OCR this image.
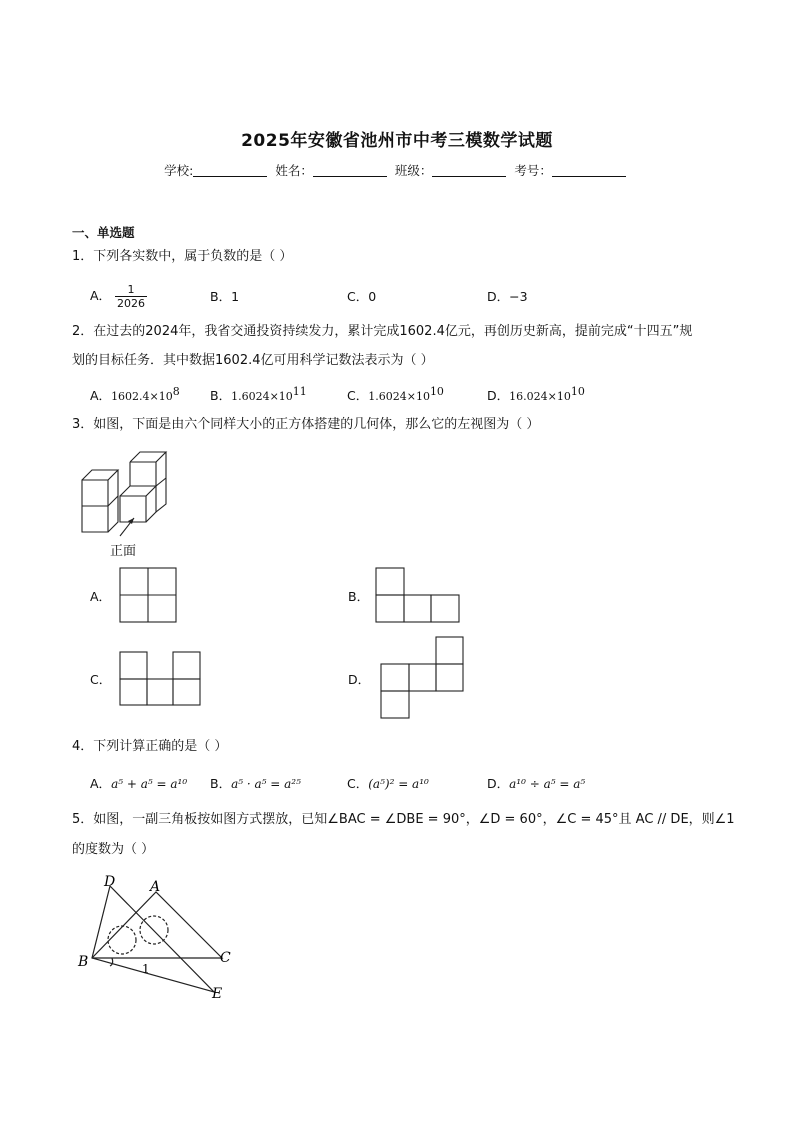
2025年安徽省池州市中考三模数学试题
学校:	姓名：	班级：	考号：
一、单选题
1．下列各实数中，属于负数的是（ ）
A． $\frac{1}{2026}$	B．1	C．0	D．−3
2．在过去的2024年，我省交通投资持续发力，累计完成1602.4亿元，再创历史新高，提前完成“十四五”规
划的目标任务．其中数据1602.4亿可用科学记数法表示为（ ）
A．$1602.4\times 10^8$ B．$1.6024\times 10^{11}$	C．$1.6024\times 10^{10}$	D．$16.024\times 10^{10}$
3．如图，下面是由六个同样大小的正方体搭建的几何体，那么它的左视图为（ ）
正面
A．	B．
C．	D．
4．下列计算正确的是（ ）
A．a⁵ + a⁵ = a¹⁰ B．a⁵ · a⁵ = a²⁵	C．(a⁵)² = a¹⁰	D．a¹⁰ ÷ a⁵ = a⁵
5．如图，一副三角板按如图方式摆放，已知∠BAC = ∠DBE = 90°，∠D = 60°，∠C = 45°且 AC // DE，则∠1
的度数为（ ）
D A
B	C
E
1
